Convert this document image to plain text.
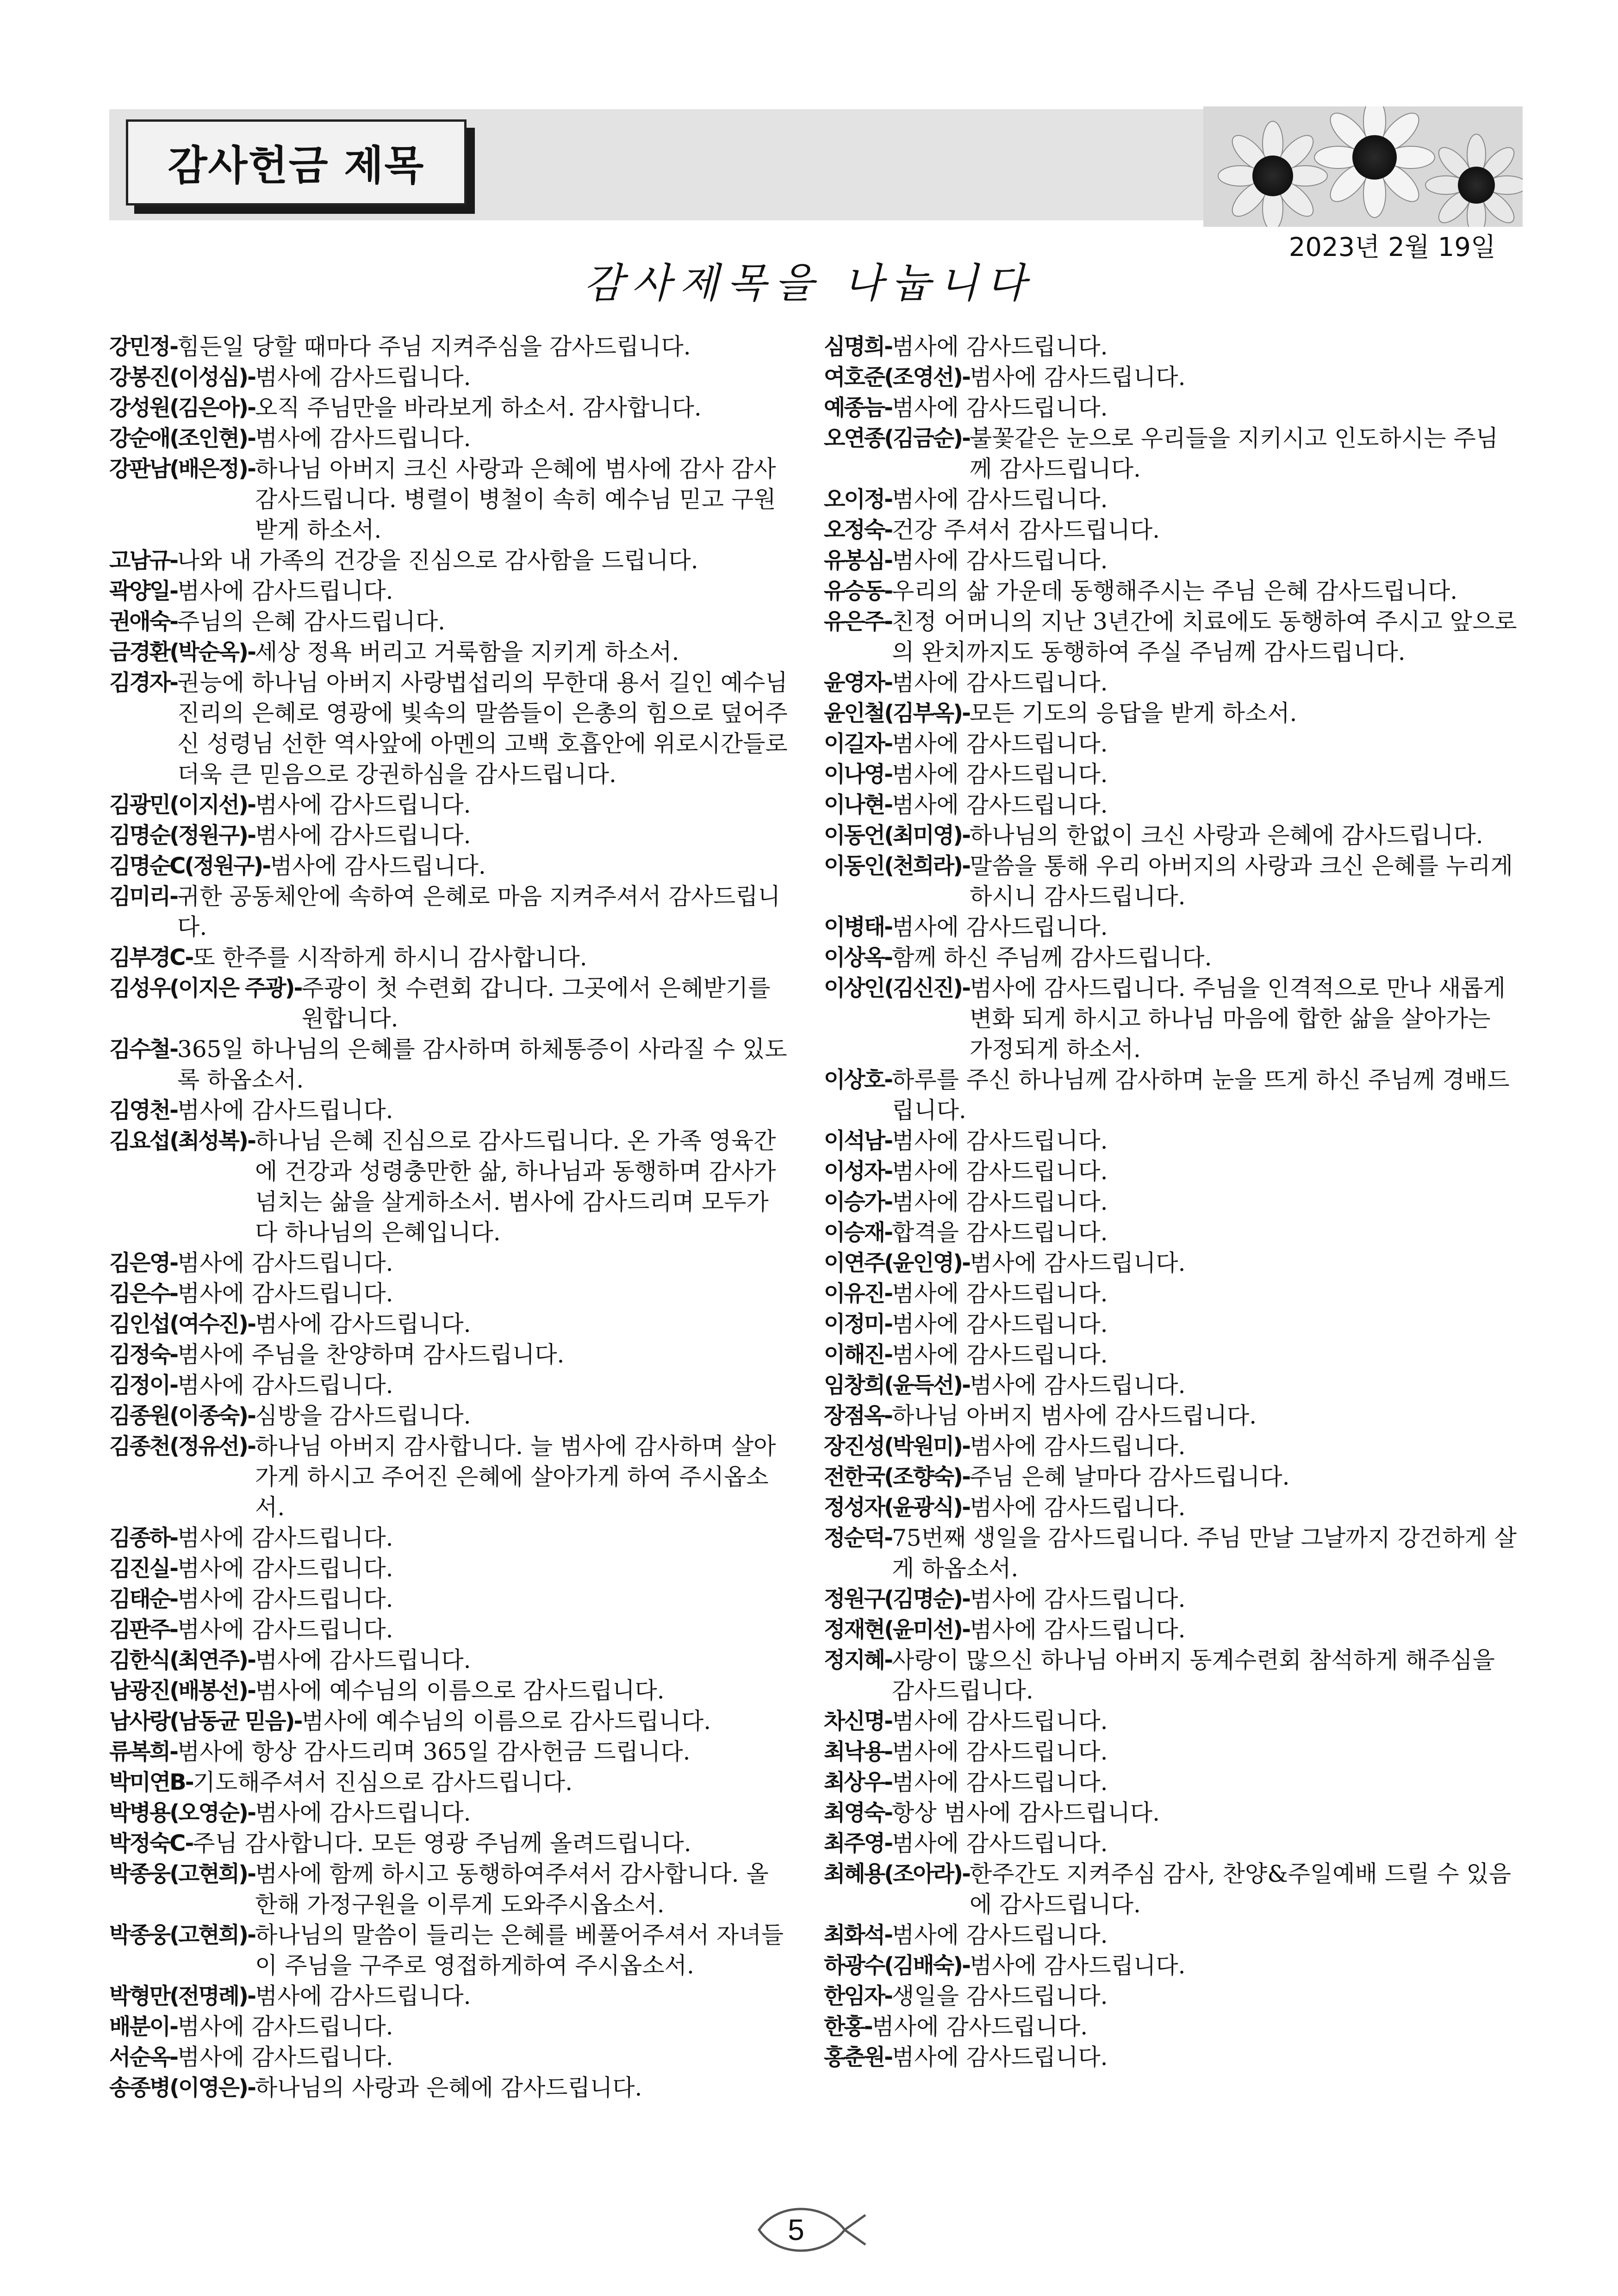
감사헌금 제목
2023년 2월 19일
감사제목을 나눕니다
강민정- 힘든일 당할 때마다 주님 지켜주심을 감사드립니다.
강봉진(이성심)- 범사에 감사드립니다.
강성원(김은아)- 오직 주님만을 바라보게 하소서. 감사합니다.
강순애(조인현)- 범사에 감사드립니다.
강판남(배은정)- 하나님 아버지 크신 사랑과 은혜에 범사에 감사 감사 감사드립니다. 병렬이 병철이 속히 예수님 믿고 구원받게 하소서.
고남규- 나와 내 가족의 건강을 진심으로 감사함을 드립니다.
곽양일- 범사에 감사드립니다.
권애숙- 주님의 은혜 감사드립니다.
금경환(박순옥)- 세상 정욕 버리고 거룩함을 지키게 하소서.
김경자- 권능에 하나님 아버지 사랑법섭리의 무한대 용서 길인 예수님 진리의 은혜로 영광에 빛속의 말씀들이 은총의 힘으로 덮어주신 성령님 선한 역사앞에 아멘의 고백 호흡안에 위로시간들로 더욱 큰 믿음으로 강권하심을 감사드립니다.
김광민(이지선)- 범사에 감사드립니다.
김명순(정원구)- 범사에 감사드립니다.
김명순C(정원구)- 범사에 감사드립니다.
김미리- 귀한 공동체안에 속하여 은혜로 마음 지켜주셔서 감사드립니다.
김부경C- 또 한주를 시작하게 하시니 감사합니다.
김성우(이지은 주광)- 주광이 첫 수련회 갑니다. 그곳에서 은혜받기를 원합니다.
김수철- 365일 하나님의 은혜를 감사하며 하체통증이 사라질 수 있도록 하옵소서.
김영천- 범사에 감사드립니다.
김요섭(최성복)- 하나님 은혜 진심으로 감사드립니다. 온 가족 영육간에 건강과 성령충만한 삶, 하나님과 동행하며 감사가 넘치는 삶을 살게하소서. 범사에 감사드리며 모두가 다 하나님의 은혜입니다.
김은영- 범사에 감사드립니다.
김은수- 범사에 감사드립니다.
김인섭(여수진)- 범사에 감사드립니다.
김정숙- 범사에 주님을 찬양하며 감사드립니다.
김정이- 범사에 감사드립니다.
김종원(이종숙)- 심방을 감사드립니다.
김종천(정유선)- 하나님 아버지 감사합니다. 늘 범사에 감사하며 살아가게 하시고 주어진 은혜에 살아가게 하여 주시옵소서.
김종하- 범사에 감사드립니다.
김진실- 범사에 감사드립니다.
김태순- 범사에 감사드립니다.
김판주- 범사에 감사드립니다.
김한식(최연주)- 범사에 감사드립니다.
남광진(배봉선)- 범사에 예수님의 이름으로 감사드립니다.
남사랑(남동균 믿음)- 범사에 예수님의 이름으로 감사드립니다.
류복희- 범사에 항상 감사드리며 365일 감사헌금 드립니다.
박미연B- 기도해주셔서 진심으로 감사드립니다.
박병용(오영순)- 범사에 감사드립니다.
박정숙C- 주님 감사합니다. 모든 영광 주님께 올려드립니다.
박종웅(고현희)- 범사에 함께 하시고 동행하여주셔서 감사합니다. 올 한해 가정구원을 이루게 도와주시옵소서.
박종웅(고현희)- 하나님의 말씀이 들리는 은혜를 베풀어주셔서 자녀들이 주님을 구주로 영접하게하여 주시옵소서.
박형만(전명례)- 범사에 감사드립니다.
배분이- 범사에 감사드립니다.
서순옥- 범사에 감사드립니다.
송종병(이영은)- 하나님의 사랑과 은혜에 감사드립니다.
심명희- 범사에 감사드립니다.
여호준(조영선)- 범사에 감사드립니다.
예종늠- 범사에 감사드립니다.
오연종(김금순)- 불꽃같은 눈으로 우리들을 지키시고 인도하시는 주님께 감사드립니다.
오이정- 범사에 감사드립니다.
오정숙- 건강 주셔서 감사드립니다.
유봉심- 범사에 감사드립니다.
유승동- 우리의 삶 가운데 동행해주시는 주님 은혜 감사드립니다.
유은주- 친정 어머니의 지난 3년간에 치료에도 동행하여 주시고 앞으로의 완치까지도 동행하여 주실 주님께 감사드립니다.
윤영자- 범사에 감사드립니다.
윤인철(김부옥)- 모든 기도의 응답을 받게 하소서.
이길자- 범사에 감사드립니다.
이나영- 범사에 감사드립니다.
이나현- 범사에 감사드립니다.
이동언(최미영)- 하나님의 한없이 크신 사랑과 은혜에 감사드립니다.
이동인(천희라)- 말씀을 통해 우리 아버지의 사랑과 크신 은혜를 누리게 하시니 감사드립니다.
이병태- 범사에 감사드립니다.
이상옥- 함께 하신 주님께 감사드립니다.
이상인(김신진)- 범사에 감사드립니다. 주님을 인격적으로 만나 새롭게 변화 되게 하시고 하나님 마음에 합한 삶을 살아가는 가정되게 하소서.
이상호- 하루를 주신 하나님께 감사하며 눈을 뜨게 하신 주님께 경배드립니다.
이석남- 범사에 감사드립니다.
이성자- 범사에 감사드립니다.
이승가- 범사에 감사드립니다.
이승재- 합격을 감사드립니다.
이연주(윤인영)- 범사에 감사드립니다.
이유진- 범사에 감사드립니다.
이정미- 범사에 감사드립니다.
이해진- 범사에 감사드립니다.
임창희(윤득선)- 범사에 감사드립니다.
장점옥- 하나님 아버지 범사에 감사드립니다.
장진성(박원미)- 범사에 감사드립니다.
전한국(조향숙)- 주님 은혜 날마다 감사드립니다.
정성자(윤광식)- 범사에 감사드립니다.
정순덕- 75번째 생일을 감사드립니다. 주님 만날 그날까지 강건하게 살게 하옵소서.
정원구(김명순)- 범사에 감사드립니다.
정재현(윤미선)- 범사에 감사드립니다.
정지혜- 사랑이 많으신 하나님 아버지 동계수련회 참석하게 해주심을 감사드립니다.
차신명- 범사에 감사드립니다.
최낙용- 범사에 감사드립니다.
최상우- 범사에 감사드립니다.
최영숙- 항상 범사에 감사드립니다.
최주영- 범사에 감사드립니다.
최혜용(조아라)- 한주간도 지켜주심 감사, 찬양&주일예배 드릴 수 있음에 감사드립니다.
최화석- 범사에 감사드립니다.
하광수(김배숙)- 범사에 감사드립니다.
한임자- 생일을 감사드립니다.
한홍- 범사에 감사드립니다.
홍춘원- 범사에 감사드립니다.
5
